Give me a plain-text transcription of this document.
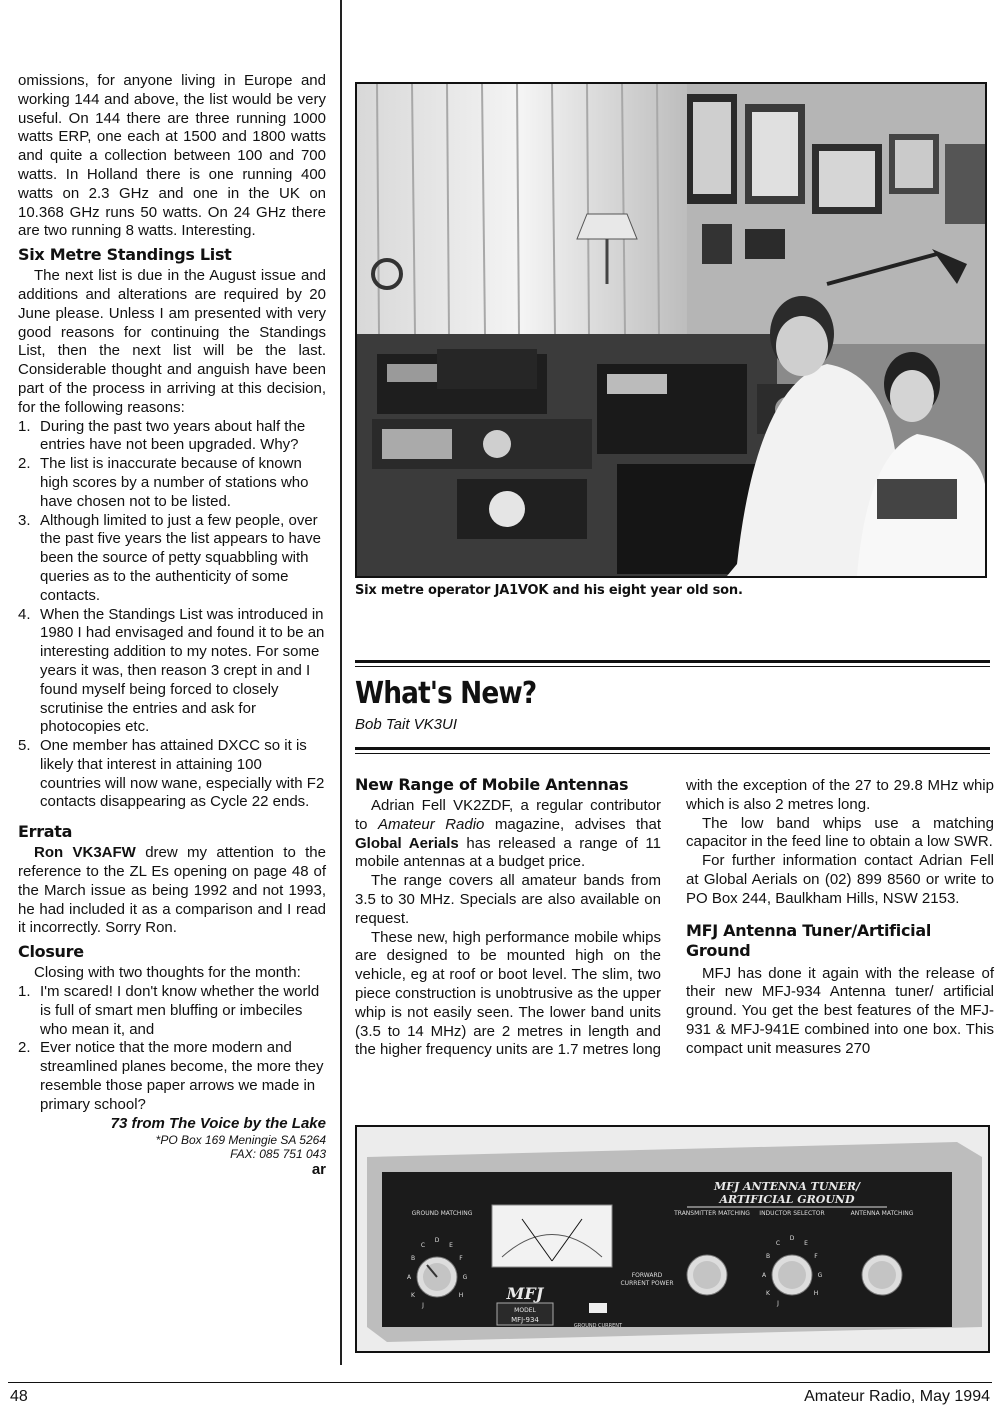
omissions, for anyone living in Europe and working 144 and above, the list would be very useful. On 144 there are three running 1000 watts ERP, one each at 1500 and 1800 watts and quite a collection between 100 and 700 watts. In Holland there is one running 400 watts on 2.3 GHz and one in the UK on 10.368 GHz runs 50 watts. On 24 GHz there are two running 8 watts. Interesting.

Six Metre Standings List

The next list is due in the August issue and additions and alterations are required by 20 June please. Unless I am presented with very good reasons for continuing the Standings List, then the next list will be the last. Considerable thought and anguish have been part of the process in arriving at this decision, for the following reasons:

1. During the past two years about half the entries have not been upgraded. Why?
2. The list is inaccurate because of known high scores by a number of stations who have chosen not to be listed.
3. Although limited to just a few people, over the past five years the list appears to have been the source of petty squabbling with queries as to the authenticity of some contacts.
4. When the Standings List was introduced in 1980 I had envisaged and found it to be an interesting addition to my notes. For some years it was, then reason 3 crept in and I found myself being forced to closely scrutinise the entries and ask for photocopies etc.
5. One member has attained DXCC so it is likely that interest in attaining 100 countries will now wane, especially with F2 contacts disappearing as Cycle 22 ends.
Errata

Ron VK3AFW drew my attention to the reference to the ZL Es opening on page 48 of the March issue as being 1992 and not 1993, he had included it as a comparison and I read it incorrectly. Sorry Ron.

Closure

Closing with two thoughts for the month:

1. I'm scared! I don't know whether the world is full of smart men bluffing or imbeciles who mean it, and
2. Ever notice that the more modern and streamlined planes become, the more they resemble those paper arrows we made in primary school?
73 from The Voice by the Lake
*PO Box 169 Meningie SA 5264
FAX: 085 751 043
ar
Six metre operator JA1VOK and his eight year old son.
What's New?
Bob Tait VK3UI
New Range of Mobile Antennas

Adrian Fell VK2ZDF, a regular contributor to Amateur Radio magazine, advises that Global Aerials has released a range of 11 mobile antennas at a budget price.

The range covers all amateur bands from 3.5 to 30 MHz. Specials are also available on request.

These new, high performance mobile whips are designed to be mounted high on the vehicle, eg at roof or boot level. The slim, two piece construction is unobtrusive as the upper whip is not easily seen. The lower band units (3.5 to 14 MHz) are 2 metres in length and the higher frequency units are 1.7 metres long

with the exception of the 27 to 29.8 MHz whip which is also 2 metres long.

The low band whips use a matching capacitor in the feed line to obtain a low SWR.

For further information contact Adrian Fell at Global Aerials on (02) 899 8560 or write to PO Box 244, Baulkham Hills, NSW 2153.

MFJ Antenna Tuner/Artificial Ground

MFJ has done it again with the release of their new MFJ-934 Antenna tuner/ artificial ground. You get the best features of the MFJ-931 & MFJ-941E combined into one box. This compact unit measures 270

MFJ ANTENNA TUNER/
ARTIFICIAL GROUND
GROUND MATCHING	TRANSMITTER MATCHING INDUCTOR SELECTOR	ANTENNA MATCHING
FORWARD
CURRENT POWER
MFJ
MODEL
MFJ-934
GROUND CURRENT
A
B
C
D
E
F
G
H
J
K
A
B
C
D
E
F
G
H
J
K
48	Amateur Radio, May 1994
